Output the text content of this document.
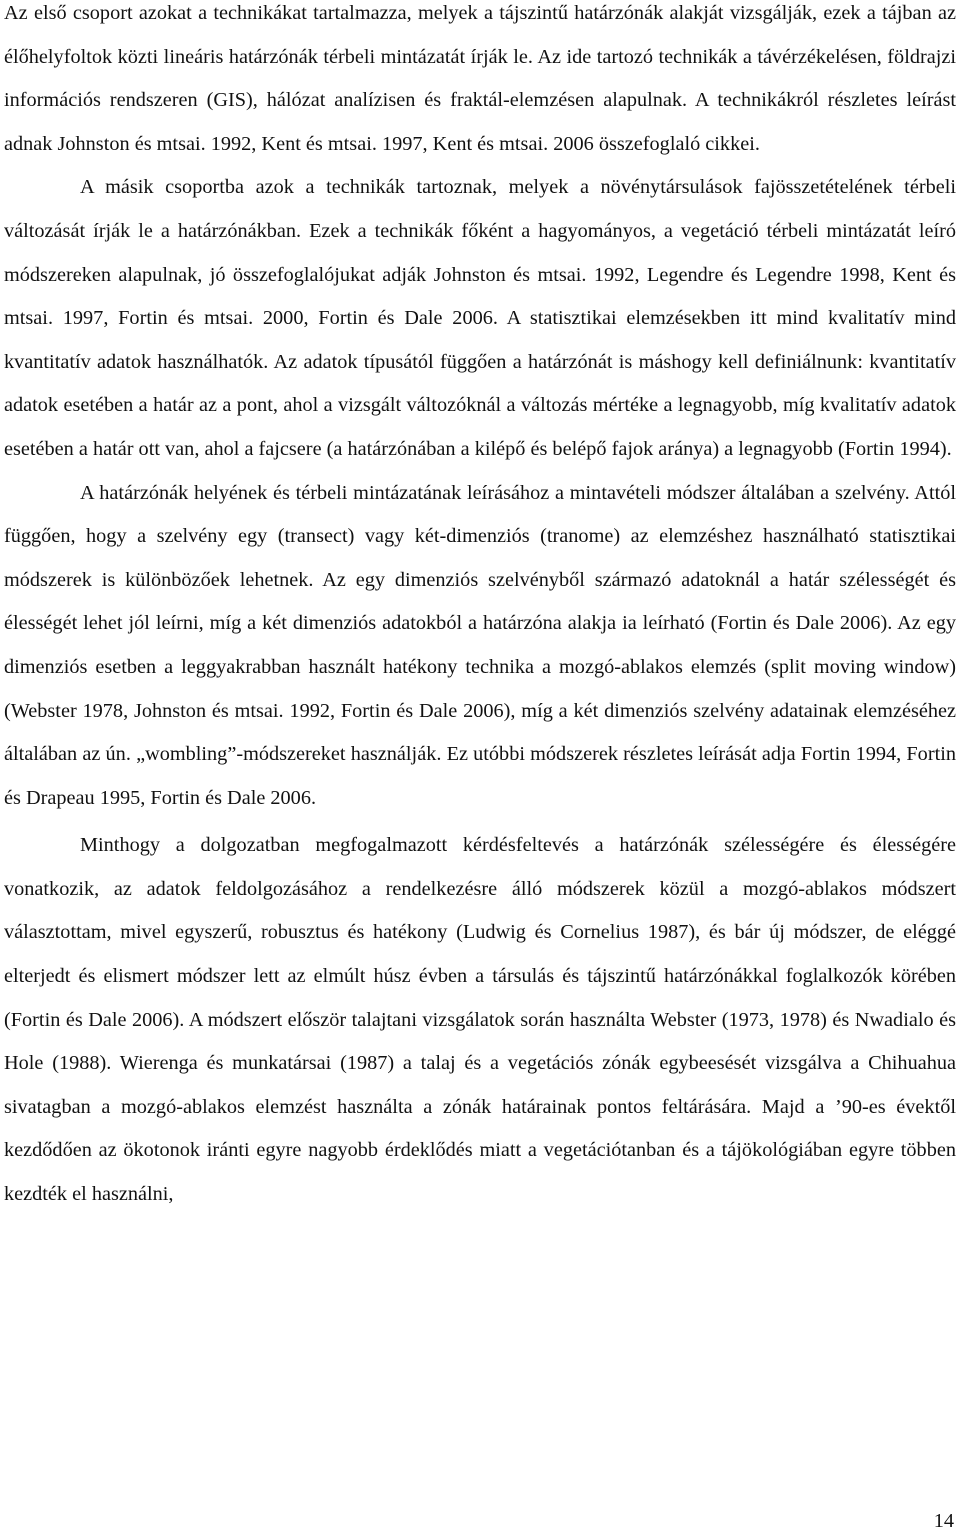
Az első csoport azokat a technikákat tartalmazza, melyek a tájszintű határzónák alakját vizsgálják, ezek a tájban az élőhelyfoltok közti lineáris határzónák térbeli mintázatát írják le. Az ide tartozó technikák a távérzékelésen, földrajzi információs rendszeren (GIS), hálózat analízisen és fraktál-elemzésen alapulnak. A technikákról részletes leírást adnak Johnston és mtsai. 1992, Kent és mtsai. 1997, Kent és mtsai. 2006 összefoglaló cikkei.

A másik csoportba azok a technikák tartoznak, melyek a növénytársulások fajösszetételének térbeli változását írják le a határzónákban. Ezek a technikák főként a hagyományos, a vegetáció térbeli mintázatát leíró módszereken alapulnak, jó összefoglalójukat adják Johnston és mtsai. 1992, Legendre és Legendre 1998, Kent és mtsai. 1997, Fortin és mtsai. 2000, Fortin és Dale 2006. A statisztikai elemzésekben itt mind kvalitatív mind kvantitatív adatok használhatók. Az adatok típusától függően a határzónát is máshogy kell definiálnunk: kvantitatív adatok esetében a határ az a pont, ahol a vizsgált változóknál a változás mértéke a legnagyobb, míg kvalitatív adatok esetében a határ ott van, ahol a fajcsere (a határzónában a kilépő és belépő fajok aránya) a legnagyobb (Fortin 1994).

A határzónák helyének és térbeli mintázatának leírásához a mintavételi módszer általában a szelvény. Attól függően, hogy a szelvény egy (transect) vagy két-dimenziós (tranome) az elemzéshez használható statisztikai módszerek is különbözőek lehetnek. Az egy dimenziós szelvényből származó adatoknál a határ szélességét és élességét lehet jól leírni, míg a két dimenziós adatokból a határzóna alakja ia leírható (Fortin és Dale 2006). Az egy dimenziós esetben a leggyakrabban használt hatékony technika a mozgó-ablakos elemzés (split moving window) (Webster 1978, Johnston és mtsai. 1992, Fortin és Dale 2006), míg a két dimenziós szelvény adatainak elemzéséhez általában az ún. „wombling”-módszereket használják. Ez utóbbi módszerek részletes leírását adja Fortin 1994, Fortin és Drapeau 1995, Fortin és Dale 2006.

Minthogy a dolgozatban megfogalmazott kérdésfeltevés a határzónák szélességére és élességére vonatkozik, az adatok feldolgozásához a rendelkezésre álló módszerek közül a mozgó-ablakos módszert választottam, mivel egyszerű, robusztus és hatékony (Ludwig és Cornelius 1987), és bár új módszer, de eléggé elterjedt és elismert módszer lett az elmúlt húsz évben a társulás és tájszintű határzónákkal foglalkozók körében (Fortin és Dale 2006). A módszert először talajtani vizsgálatok során használta Webster (1973, 1978) és Nwadialo és Hole (1988). Wierenga és munkatársai (1987) a talaj és a vegetációs zónák egybeesését vizsgálva a Chihuahua sivatagban a mozgó-ablakos elemzést használta a zónák határainak pontos feltárására. Majd a ’90-es évektől kezdődően az ökotonok iránti egyre nagyobb érdeklődés miatt a vegetációtanban és a tájökológiában egyre többen kezdték el használni,

14
